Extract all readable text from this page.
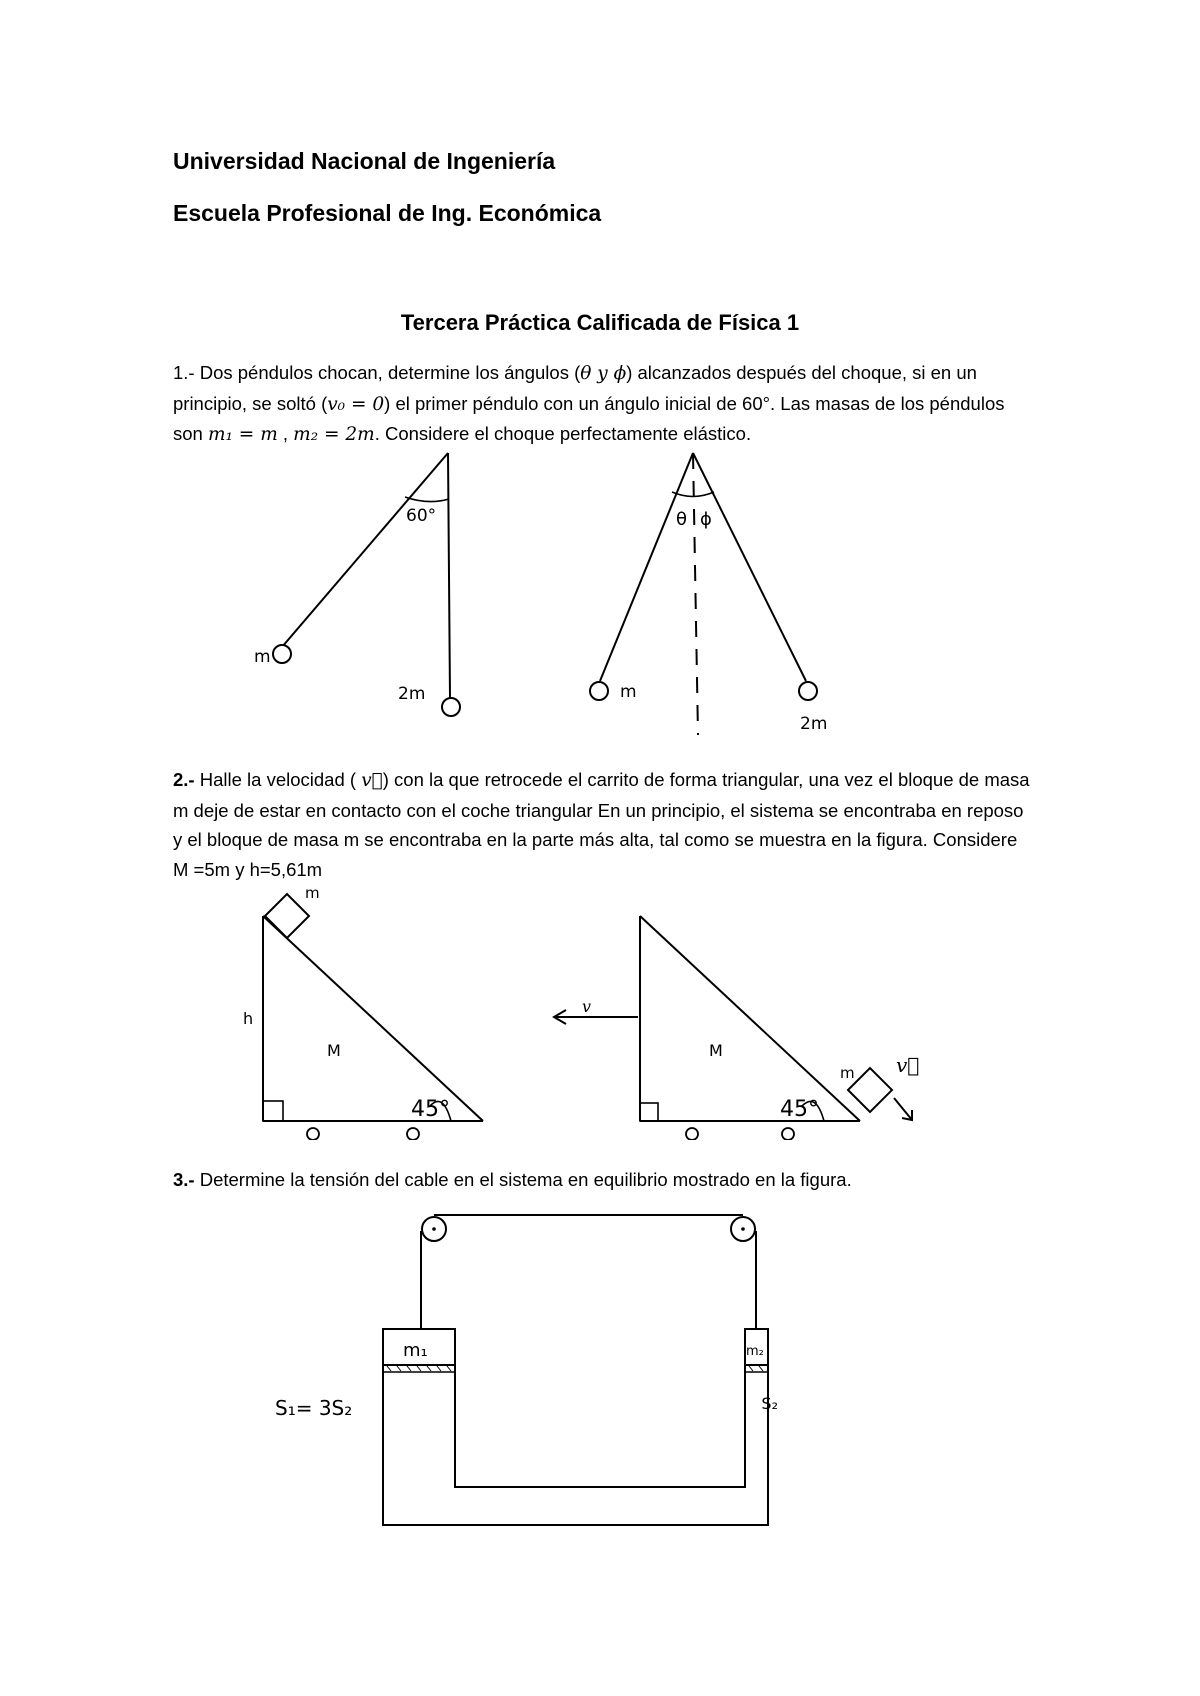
Universidad Nacional de Ingeniería
Escuela Profesional de Ing. Económica
Tercera Práctica Calificada de Física 1
1.- Dos péndulos chocan, determine los ángulos (θ y ϕ) alcanzados después del choque, si en un principio, se soltó (v₀ = 0) el primer péndulo con un ángulo inicial de 60°. Las masas de los péndulos son m₁ = m , m₂ = 2m. Considere el choque perfectamente elástico.
60°
m
2m
θ ϕ
m
2m
2.- Halle la velocidad ( v⃗) con la que retrocede el carrito de forma triangular, una vez el bloque de masa m deje de estar en contacto con el coche triangular En un principio, el sistema se encontraba en reposo y el bloque de masa m se encontraba en la parte más alta, tal como se muestra en la figura. Considere M =5m y h=5,61m
m
h
M
45°
v
M
m v⃗
45°
3.- Determine la tensión del cable en el sistema en equilibrio mostrado en la figura.
m₁	m₂
S₁= 3S₂	S₂
